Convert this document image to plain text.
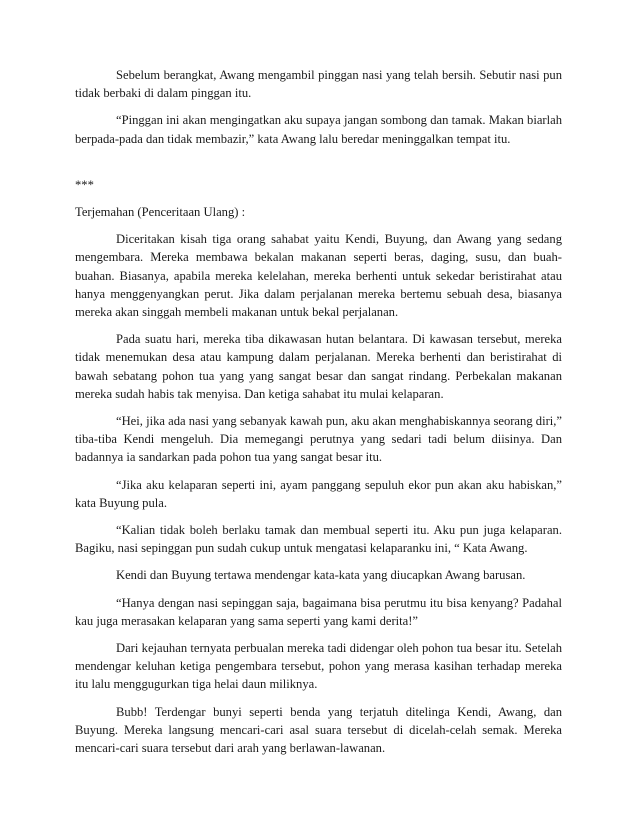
Sebelum berangkat, Awang mengambil pinggan nasi yang telah bersih. Sebutir nasi pun tidak berbaki di dalam pinggan itu.

“Pinggan ini akan mengingatkan aku supaya jangan sombong dan tamak. Makan biarlah berpada-pada dan tidak membazir,” kata Awang lalu beredar meninggalkan tempat itu.

***

Terjemahan (Penceritaan Ulang) :

Diceritakan kisah tiga orang sahabat yaitu Kendi, Buyung, dan Awang yang sedang mengembara. Mereka membawa bekalan makanan seperti beras, daging, susu, dan buah-buahan. Biasanya, apabila mereka kelelahan, mereka berhenti untuk sekedar beristirahat atau hanya menggenyangkan perut. Jika dalam perjalanan mereka bertemu sebuah desa, biasanya mereka akan singgah membeli makanan untuk bekal perjalanan.

Pada suatu hari, mereka tiba dikawasan hutan belantara. Di kawasan tersebut, mereka tidak menemukan desa atau kampung dalam perjalanan. Mereka berhenti dan beristirahat di bawah sebatang pohon tua yang yang sangat besar dan sangat rindang. Perbekalan makanan mereka sudah habis tak menyisa. Dan ketiga sahabat itu mulai kelaparan.

“Hei, jika ada nasi yang sebanyak kawah pun, aku akan menghabiskannya seorang diri,” tiba-tiba Kendi mengeluh. Dia memegangi perutnya yang sedari tadi belum diisinya. Dan badannya ia sandarkan pada pohon tua yang sangat besar itu.

“Jika aku kelaparan seperti ini, ayam panggang sepuluh ekor pun akan aku habiskan,” kata Buyung pula.

“Kalian tidak boleh berlaku tamak dan membual seperti itu. Aku pun juga kelaparan. Bagiku, nasi sepinggan pun sudah cukup untuk mengatasi kelaparanku ini, “ Kata Awang.

Kendi dan Buyung tertawa mendengar kata-kata yang diucapkan Awang barusan.

“Hanya dengan nasi sepinggan saja, bagaimana bisa perutmu itu bisa kenyang? Padahal kau juga merasakan kelaparan yang sama seperti yang kami derita!”

Dari kejauhan ternyata perbualan mereka tadi didengar oleh pohon tua besar itu. Setelah mendengar keluhan ketiga pengembara tersebut, pohon yang merasa kasihan terhadap mereka itu lalu menggugurkan tiga helai daun miliknya.

Bubb! Terdengar bunyi seperti benda yang terjatuh ditelinga Kendi, Awang, dan Buyung. Mereka langsung mencari-cari asal suara tersebut di dicelah-celah semak. Mereka mencari-cari suara tersebut dari arah yang berlawan-lawanan.
